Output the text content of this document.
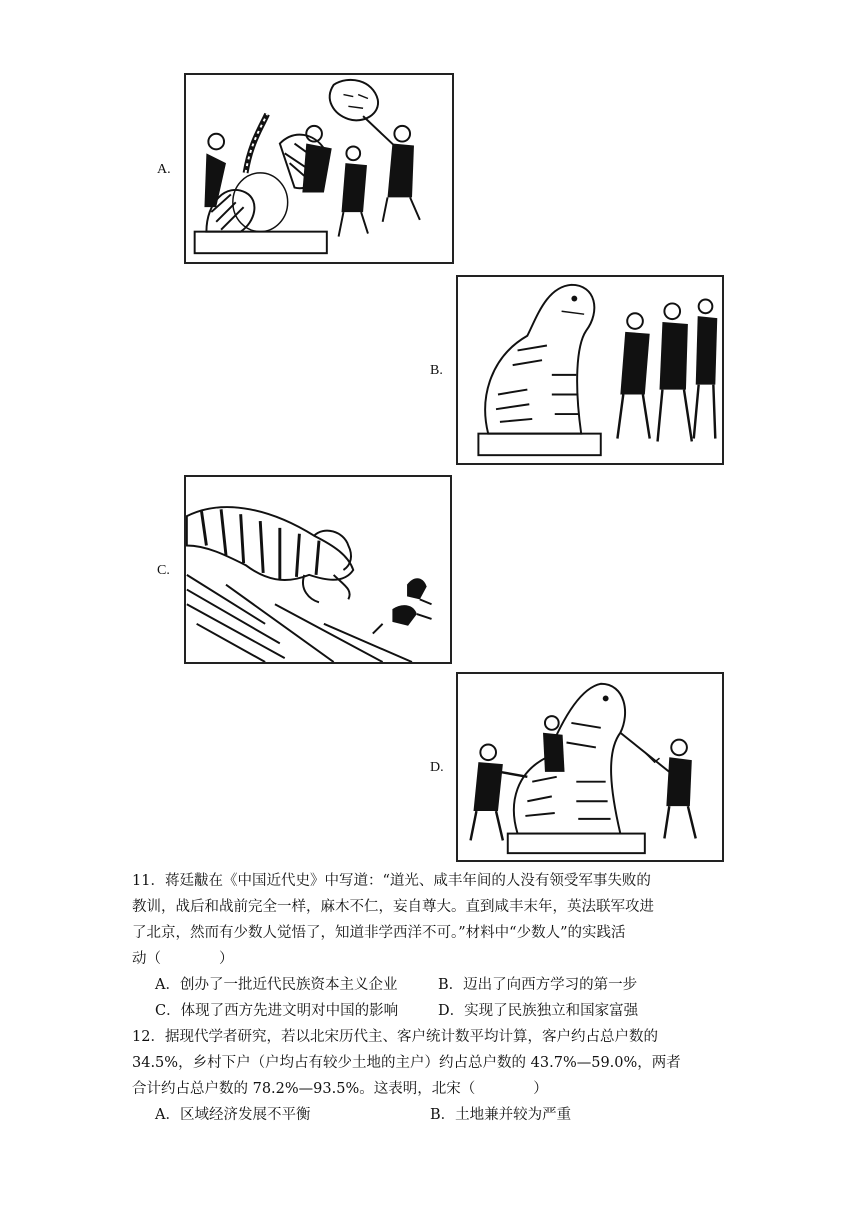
A.
B.
C.
D.

11．蒋廷黻在《中国近代史》中写道：“道光、咸丰年间的人没有领受军事失败的

教训，战后和战前完全一样，麻木不仁，妄自尊大。直到咸丰末年，英法联军攻进

了北京，然而有少数人觉悟了，知道非学西洋不可。”材料中“少数人”的实践活

动（　　　　）

A．创办了一批近代民族资本主义企业	B．迈出了向西方学习的第一步
C．体现了西方先进文明对中国的影响	D．实现了民族独立和国家富强

12．据现代学者研究，若以北宋历代主、客户统计数平均计算，客户约占总户数的

34.5%，乡村下户（户均占有较少土地的主户）约占总户数的 43.7%—59.0%，两者

合计约占总户数的 78.2%—93.5%。这表明，北宋（　　　　）

A．区域经济发展不平衡	B．土地兼并较为严重
